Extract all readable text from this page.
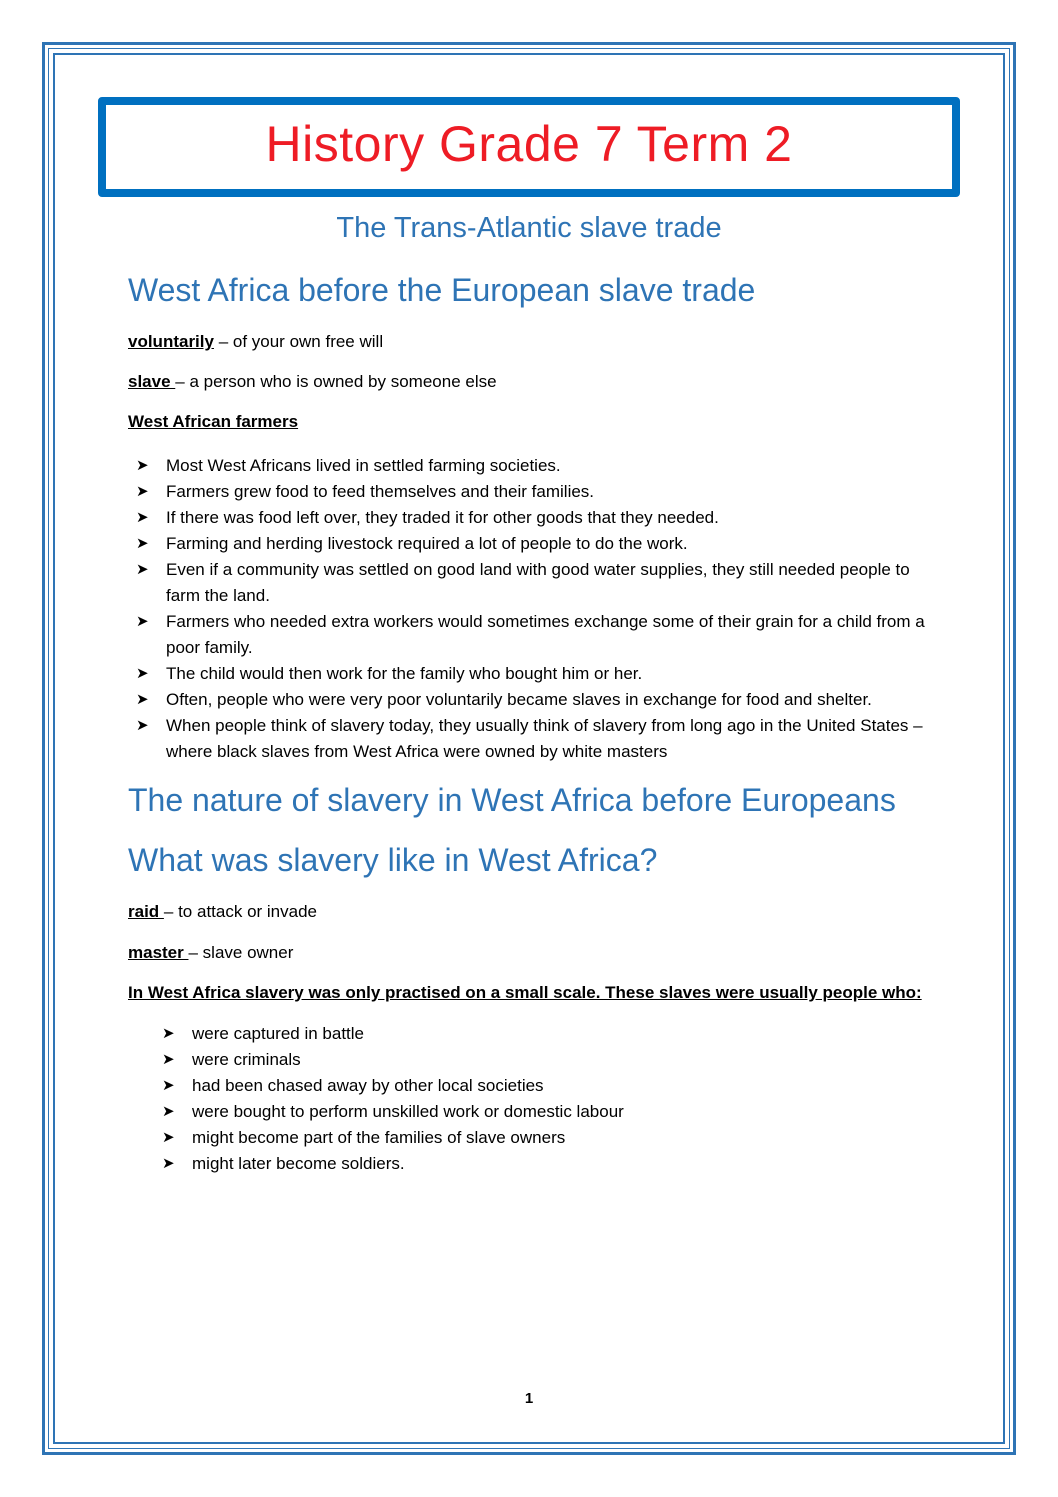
History Grade 7 Term 2
The Trans-Atlantic slave trade
West Africa before the European slave trade
voluntarily – of your own free will
slave – a person who is owned by someone else
West African farmers
➤ Most West Africans lived in settled farming societies.
➤ Farmers grew food to feed themselves and their families.
➤ If there was food left over, they traded it for other goods that they needed.
➤ Farming and herding livestock required a lot of people to do the work.
➤ Even if a community was settled on good land with good water supplies, they still needed people to farm the land.
➤ Farmers who needed extra workers would sometimes exchange some of their grain for a child from a poor family.
➤ The child would then work for the family who bought him or her.
➤ Often, people who were very poor voluntarily became slaves in exchange for food and shelter.
➤ When people think of slavery today, they usually think of slavery from long ago in the United States – where black slaves from West Africa were owned by white masters
The nature of slavery in West Africa before Europeans
What was slavery like in West Africa?
raid – to attack or invade
master – slave owner
In West Africa slavery was only practised on a small scale. These slaves were usually people who:
➤ were captured in battle
➤ were criminals
➤ had been chased away by other local societies
➤ were bought to perform unskilled work or domestic labour
➤ might become part of the families of slave owners
➤ might later become soldiers.
1
